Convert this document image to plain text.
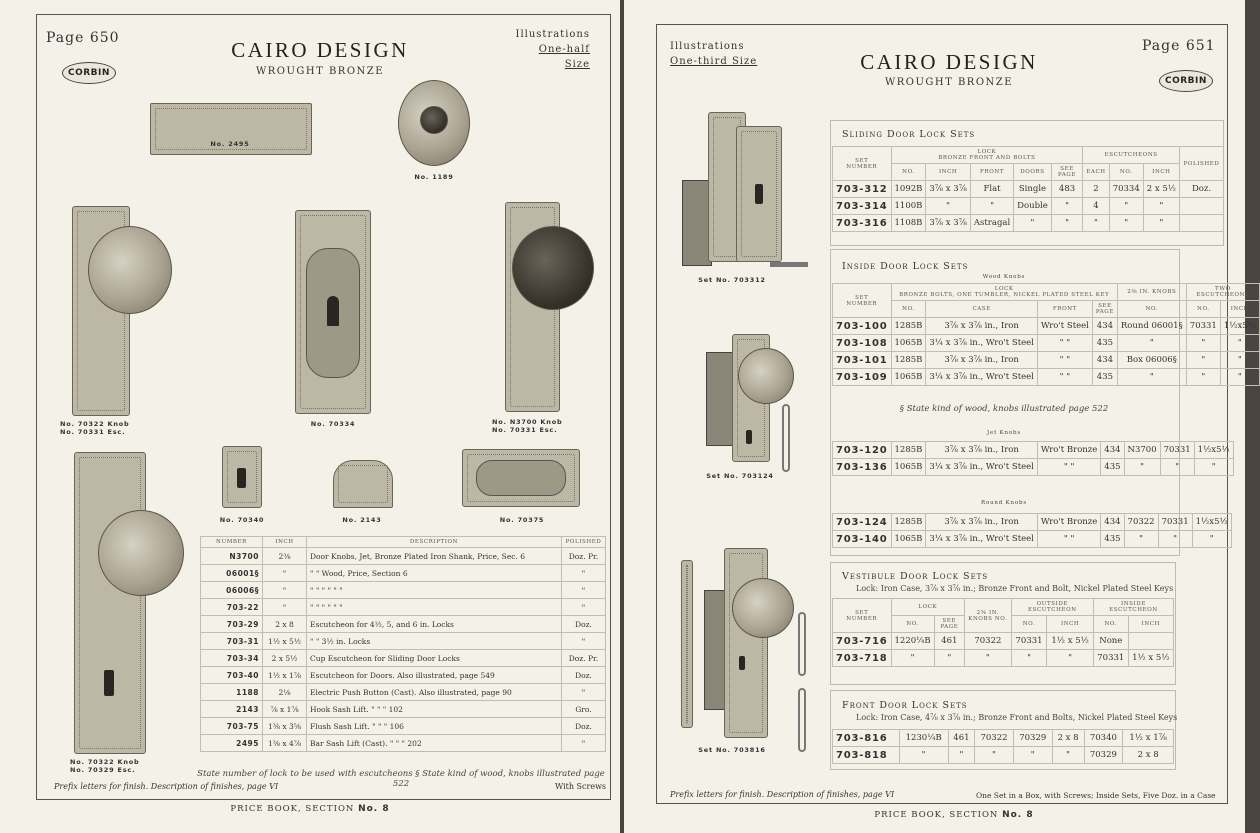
Page 650
CORBIN
CAIRO DESIGN
WROUGHT BRONZE
Illustrations
One-half Size
No. 2495
No. 1189
No. 70322 Knob
No. 70331 Esc.
No. 70334	No. N3700 Knob
No. 70331 Esc.
No. 70340	No. 2143	No. 70375
No. 70322 Knob
No. 70329 Esc.
NUMBER	INCH	DESCRIPTION	POLISHED
N3700	2⅜	Door Knobs, Jet, Bronze Plated Iron Shank, Price, Sec. 6	Doz. Pr.
06001§	"	" " Wood, Price, Section 6	"
06006§	"	" " " " " "	"
703-22	"	" " " " " "	"
703-29	2 x 8	Escutcheon for 4½, 5, and 6 in. Locks	Doz.
703-31	1½ x 5½	" " 3½ in. Locks	"
703-34	2 x 5½	Cup Escutcheon for Sliding Door Locks	Doz. Pr.
703-40	1½ x 1⅞	Escutcheon for Doors. Also illustrated, page 549	Doz.
1188	2⅛	Electric Push Button (Cast). Also illustrated, page 90	"
2143	⅞ x 1⅞	Hook Sash Lift. " " " 102	Gro.
703-75	1⅜ x 3⅝	Flush Sash Lift. " " " 106	Doz.
2495	1⅜ x 4⅞	Bar Sash Lift (Cast). " " " 202	"
State number of lock to be used with escutcheons § State kind of wood, knobs illustrated page 522
Prefix letters for finish. Description of finishes, page VI	With Screws
PRICE BOOK, SECTION No. 8
Illustrations
One-third Size	CAIRO DESIGN
WROUGHT BRONZE
Page 651
CORBIN
Set No. 703312
Set No. 703124
Set No. 703816
Sliding Door Lock Sets
SET
NUMBER	LOCK
BRONZE FRONT AND BOLTS					ESCUTCHEONS			POLISHED
	NO.	INCH	FRONT	DOORS	SEE PAGE	EACH	NO.	INCH	
703-312	1092B	3⅞ x 3⅞	Flat	Single	483	2	70334	2 x 5½	Doz.
703-314	1100B	"	"	Double	"	4	"	"	
703-316	1108B	3⅞ x 3⅞	Astragal	"	"	"	"	"	
Inside Door Lock Sets
Wood Knobs
SET
NUMBER	LOCK
BRONZE BOLTS, ONE TUMBLER, NICKEL PLATED STEEL KEY				2⅜ IN. KNOBS	TWO ESCUTCHEONS	
	NO.	CASE	FRONT	SEE PAGE	NO.	NO.	INCH
703-100	1285B	3⅞ x 3⅞ in., Iron	Wro't Steel	434	Round 06001§	70331	1½x5½
703-108	1065B	3¼ x 3⅞ in., Wro't Steel	" "	435	"	"	"
703-101	1285B	3⅞ x 3⅞ in., Iron	" "	434	Box 06006§	"	"
703-109	1065B	3¼ x 3⅞ in., Wro't Steel	" "	435	"	"	"
§ State kind of wood, knobs illustrated page 522
Jet Knobs
703-120	1285B	3⅞ x 3⅞ in., Iron	Wro't Bronze	434	N3700	70331	1½x5½
703-136	1065B	3¼ x 3⅞ in., Wro't Steel	" "	435	"	"	"
Round Knobs
703-124	1285B	3⅞ x 3⅞ in., Iron	Wro't Bronze	434	70322	70331	1½x5½
703-140	1065B	3¼ x 3⅞ in., Wro't Steel	" "	435	"	"	"
Vestibule Door Lock Sets
Lock: Iron Case, 3⅞ x 3⅞ in.; Bronze Front and Bolt, Nickel Plated Steel Keys
SET
NUMBER	LOCK		2⅜ IN. KNOBS NO.	OUTSIDE ESCUTCHEON		INSIDE ESCUTCHEON	
	NO.	SEE PAGE		NO.	INCH	NO.	INCH
703-716	1220¼B	461	70322	70331	1½ x 5½	None	
703-718	"	"	"	"	"	70331	1½ x 5½
Front Door Lock Sets
Lock: Iron Case, 4⅞ x 3⅞ in.; Bronze Front and Bolts, Nickel Plated Steel Keys
703-816	1230¼B	461	70322	70329	2 x 8	70340	1½ x 1⅞
703-818	"	"	"	"	"	70329	2 x 8
Prefix letters for finish. Description of finishes, page VI	One Set in a Box, with Screws; Inside Sets, Five Doz. in a Case
PRICE BOOK, SECTION No. 8
